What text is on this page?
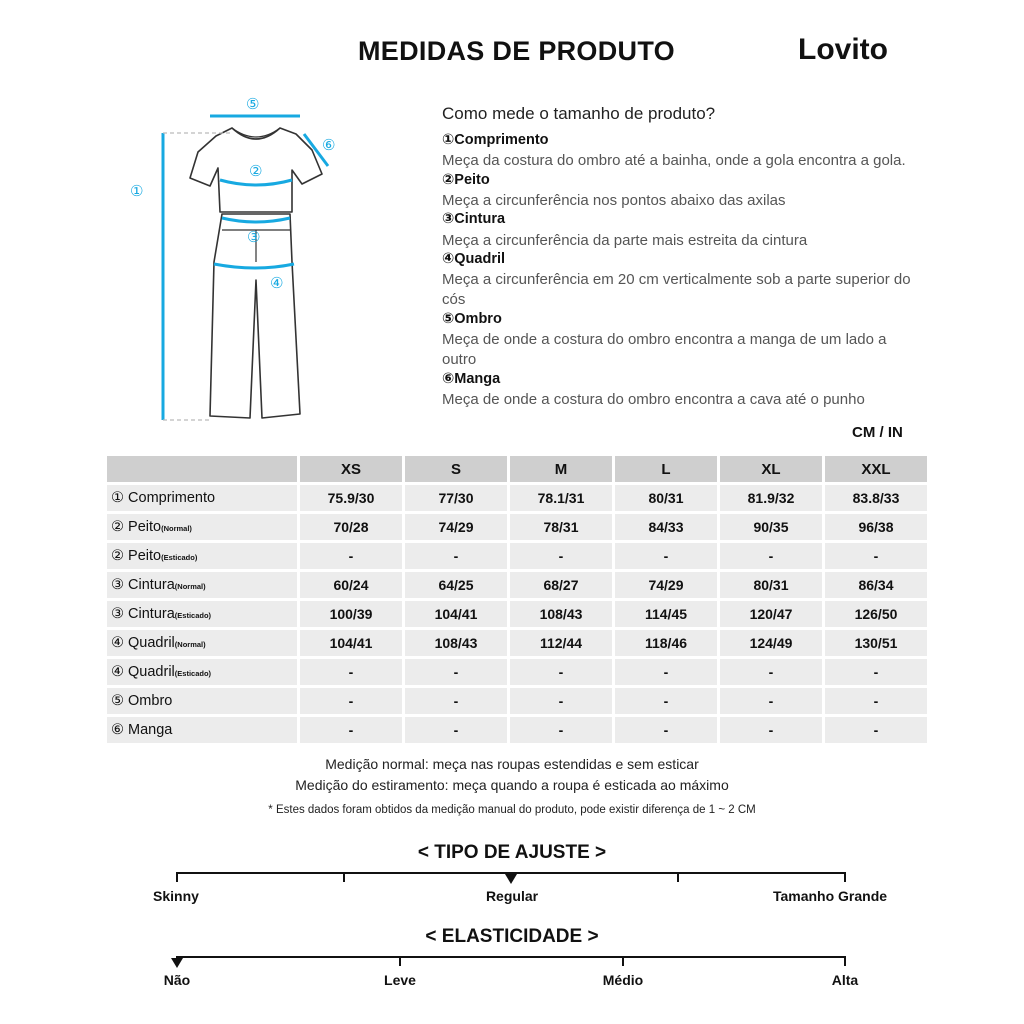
MEDIDAS DE PRODUTO	Lovito
①
②
③
④
⑤
⑥
Como mede o tamanho de produto?
①Comprimento
Meça da costura do ombro até a bainha, onde a gola encontra a gola.
②Peito
Meça a circunferência nos pontos abaixo das axilas
③Cintura
Meça a circunferência da parte mais estreita da cintura
④Quadril
Meça a circunferência em 20 cm verticalmente sob a parte superior do cós
⑤Ombro
Meça de onde a costura do ombro encontra a manga de um lado a outro
⑥Manga
Meça de onde a costura do ombro encontra a cava até o punho
CM / IN
	XS	S	M	L	XL	XXL
① Comprimento	75.9/30	77/30	78.1/31	80/31	81.9/32	83.8/33
② Peito(Normal)	70/28	74/29	78/31	84/33	90/35	96/38
② Peito(Esticado)	-	-	-	-	-	-
③ Cintura(Normal)	60/24	64/25	68/27	74/29	80/31	86/34
③ Cintura(Esticado)	100/39	104/41	108/43	114/45	120/47	126/50
④ Quadril(Normal)	104/41	108/43	112/44	118/46	124/49	130/51
④ Quadril(Esticado)	-	-	-	-	-	-
⑤ Ombro	-	-	-	-	-	-
⑥ Manga	-	-	-	-	-	-
Medição normal: meça nas roupas estendidas e sem esticar
Medição do estiramento: meça quando a roupa é esticada ao máximo
* Estes dados foram obtidos da medição manual do produto, pode existir diferença de 1 ~ 2 CM
< TIPO DE AJUSTE >
Skinny	Regular	Tamanho Grande
< ELASTICIDADE >
Não	Leve	Médio	Alta
